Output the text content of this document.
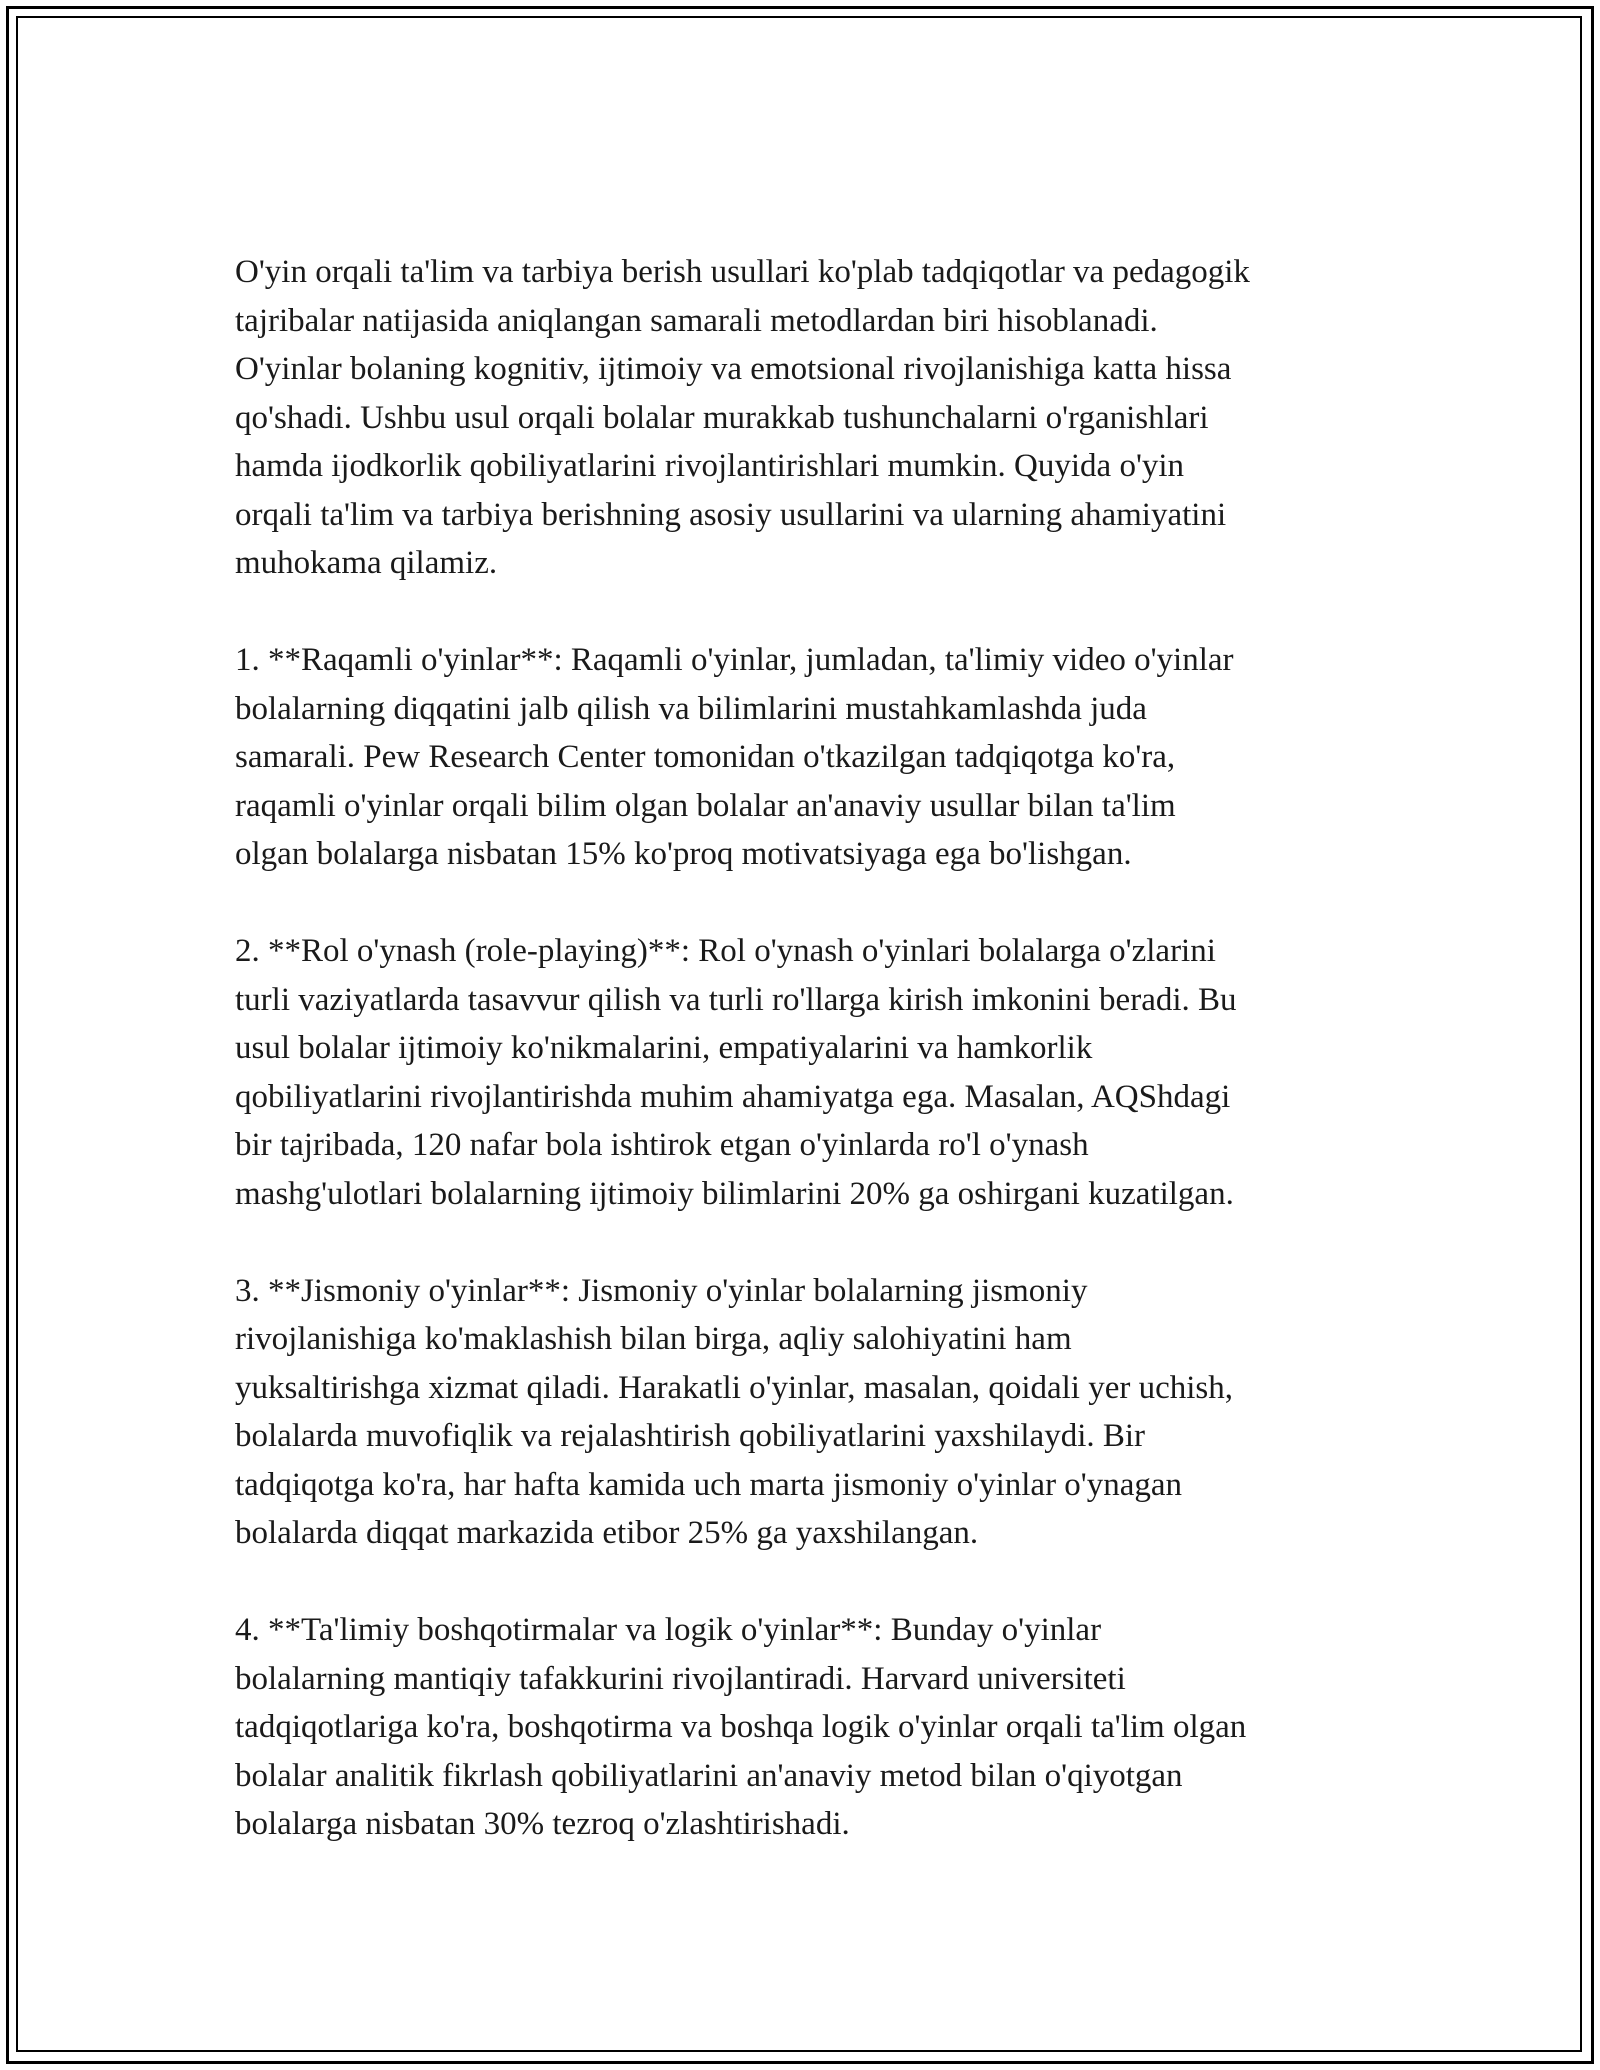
O'yin orqali ta'lim va tarbiya berish usullari ko'plab tadqiqotlar va pedagogik
tajribalar natijasida aniqlangan samarali metodlardan biri hisoblanadi.
O'yinlar bolaning kognitiv, ijtimoiy va emotsional rivojlanishiga katta hissa
qo'shadi. Ushbu usul orqali bolalar murakkab tushunchalarni o'rganishlari
hamda ijodkorlik qobiliyatlarini rivojlantirishlari mumkin. Quyida o'yin
orqali ta'lim va tarbiya berishning asosiy usullarini va ularning ahamiyatini
muhokama qilamiz.

1. **Raqamli o'yinlar**: Raqamli o'yinlar, jumladan, ta'limiy video o'yinlar
bolalarning diqqatini jalb qilish va bilimlarini mustahkamlashda juda
samarali. Pew Research Center tomonidan o'tkazilgan tadqiqotga ko'ra,
raqamli o'yinlar orqali bilim olgan bolalar an'anaviy usullar bilan ta'lim
olgan bolalarga nisbatan 15% ko'proq motivatsiyaga ega bo'lishgan.

2. **Rol o'ynash (role-playing)**: Rol o'ynash o'yinlari bolalarga o'zlarini
turli vaziyatlarda tasavvur qilish va turli ro'llarga kirish imkonini beradi. Bu
usul bolalar ijtimoiy ko'nikmalarini, empatiyalarini va hamkorlik
qobiliyatlarini rivojlantirishda muhim ahamiyatga ega. Masalan, AQShdagi
bir tajribada, 120 nafar bola ishtirok etgan o'yinlarda ro'l o'ynash
mashg'ulotlari bolalarning ijtimoiy bilimlarini 20% ga oshirgani kuzatilgan.

3. **Jismoniy o'yinlar**: Jismoniy o'yinlar bolalarning jismoniy
rivojlanishiga ko'maklashish bilan birga, aqliy salohiyatini ham
yuksaltirishga xizmat qiladi. Harakatli o'yinlar, masalan, qoidali yer uchish,
bolalarda muvofiqlik va rejalashtirish qobiliyatlarini yaxshilaydi. Bir
tadqiqotga ko'ra, har hafta kamida uch marta jismoniy o'yinlar o'ynagan
bolalarda diqqat markazida etibor 25% ga yaxshilangan.

4. **Ta'limiy boshqotirmalar va logik o'yinlar**: Bunday o'yinlar
bolalarning mantiqiy tafakkurini rivojlantiradi. Harvard universiteti
tadqiqotlariga ko'ra, boshqotirma va boshqa logik o'yinlar orqali ta'lim olgan
bolalar analitik fikrlash qobiliyatlarini an'anaviy metod bilan o'qiyotgan
bolalarga nisbatan 30% tezroq o'zlashtirishadi.
